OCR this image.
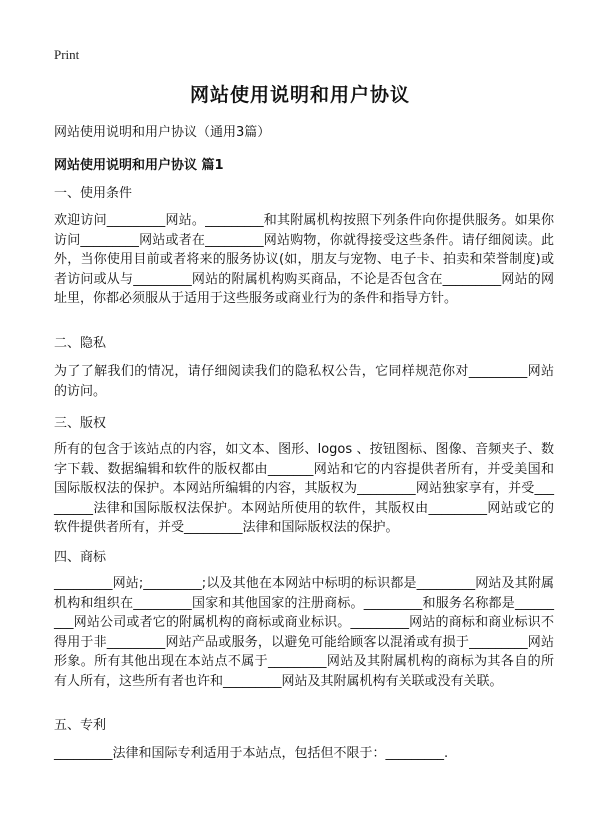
Print
网站使用说明和用户协议
网站使用说明和用户协议（通用3篇）
网站使用说明和用户协议 篇1
一、使用条件
欢迎访问_________网站。_________和其附属机构按照下列条件向你提供服务。如果你访问_________网站或者在_________网站购物，你就得接受这些条件。请仔细阅读。此外，当你使用目前或者将来的服务协议(如，朋友与宠物、电子卡、拍卖和荣誉制度)或者访问或从与_________网站的附属机构购买商品，不论是否包含在_________网站的网址里，你都必须服从于适用于这些服务或商业行为的条件和指导方针。
二、隐私
为了了解我们的情况，请仔细阅读我们的隐私权公告，它同样规范你对_________网站的访问。
三、版权
所有的包含于该站点的内容，如文本、图形、logos 、按钮图标、图像、音频夹子、数字下载、数据编辑和软件的版权都由_______网站和它的内容提供者所有，并受美国和国际版权法的保护。本网站所编辑的内容，其版权为_________网站独家享有，并受_________法律和国际版权法保护。本网站所使用的软件，其版权由_________网站或它的软件提供者所有，并受_________法律和国际版权法的保护。
四、商标
_________网站;_________;以及其他在本网站中标明的标识都是_________网站及其附属机构和组织在_________国家和其他国家的注册商标。_________和服务名称都是_________网站公司或者它的附属机构的商标或商业标识。_________网站的商标和商业标识不得用于非_________网站产品或服务，以避免可能给顾客以混淆或有损于_________网站形象。所有其他出现在本站点不属于_________网站及其附属机构的商标为其各自的所有人所有，这些所有者也许和_________网站及其附属机构有关联或没有关联。
五、专利
_________法律和国际专利适用于本站点，包括但不限于：_________.
